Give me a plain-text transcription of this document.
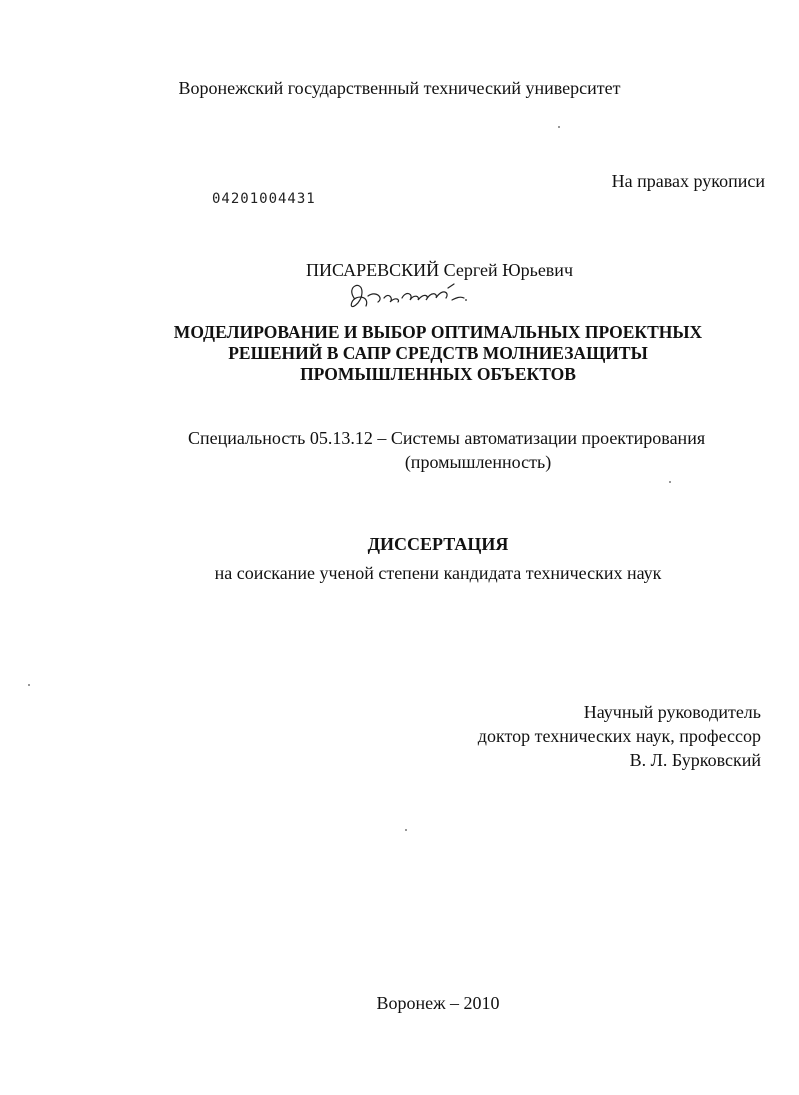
Воронежский государственный технический университет
На правах рукописи
04201004431
ПИСАРЕВСКИЙ Сергей Юрьевич
МОДЕЛИРОВАНИЕ И ВЫБОР ОПТИМАЛЬНЫХ ПРОЕКТНЫХ
РЕШЕНИЙ В САПР СРЕДСТВ МОЛНИЕЗАЩИТЫ
ПРОМЫШЛЕННЫХ ОБЪЕКТОВ
Специальность 05.13.12 – Системы автоматизации проектирования
(промышленность)
ДИССЕРТАЦИЯ
на соискание ученой степени кандидата технических наук
Научный руководитель
доктор технических наук, профессор
В. Л. Бурковский
Воронеж – 2010
